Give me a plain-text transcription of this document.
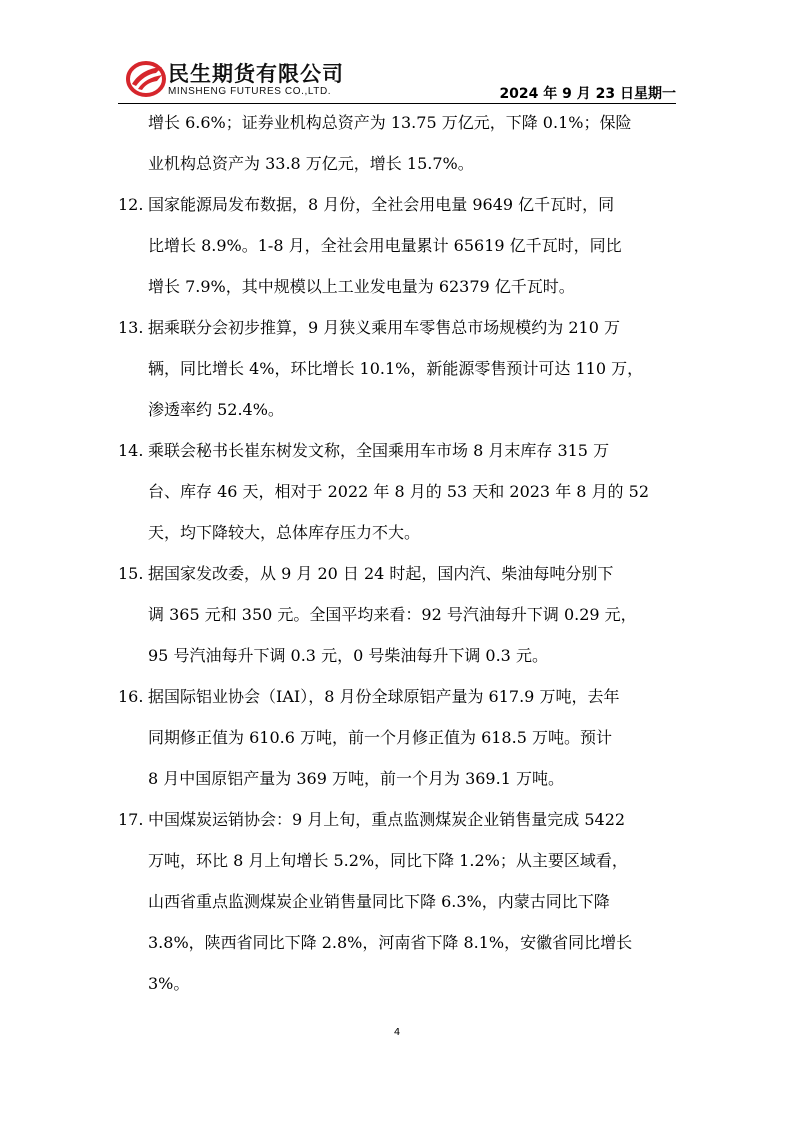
民生期货有限公司
MINSHENG FUTURES CO.,LTD.	2024 年 9 月 23 日星期一
增长 6.6%；证券业机构总资产为 13.75 万亿元，下降 0.1%；保险
业机构总资产为 33.8 万亿元，增长 15.7%。
12. 国家能源局发布数据，8 月份，全社会用电量 9649 亿千瓦时，同
比增长 8.9%。1-8 月，全社会用电量累计 65619 亿千瓦时，同比
增长 7.9%，其中规模以上工业发电量为 62379 亿千瓦时。
13. 据乘联分会初步推算，9 月狭义乘用车零售总市场规模约为 210 万
辆，同比增长 4%，环比增长 10.1%，新能源零售预计可达 110 万，
渗透率约 52.4%。
14. 乘联会秘书长崔东树发文称，全国乘用车市场 8 月末库存 315 万
台、库存 46 天，相对于 2022 年 8 月的 53 天和 2023 年 8 月的 52
天，均下降较大，总体库存压力不大。
15. 据国家发改委，从 9 月 20 日 24 时起，国内汽、柴油每吨分别下
调 365 元和 350 元。全国平均来看：92 号汽油每升下调 0.29 元，
95 号汽油每升下调 0.3 元，0 号柴油每升下调 0.3 元。
16. 据国际铝业协会（IAI），8 月份全球原铝产量为 617.9 万吨，去年
同期修正值为 610.6 万吨，前一个月修正值为 618.5 万吨。预计
8 月中国原铝产量为 369 万吨，前一个月为 369.1 万吨。
17. 中国煤炭运销协会：9 月上旬，重点监测煤炭企业销售量完成 5422
万吨，环比 8 月上旬增长 5.2%，同比下降 1.2%；从主要区域看，
山西省重点监测煤炭企业销售量同比下降 6.3%，内蒙古同比下降
3.8%，陕西省同比下降 2.8%，河南省下降 8.1%，安徽省同比增长
3%。
4
